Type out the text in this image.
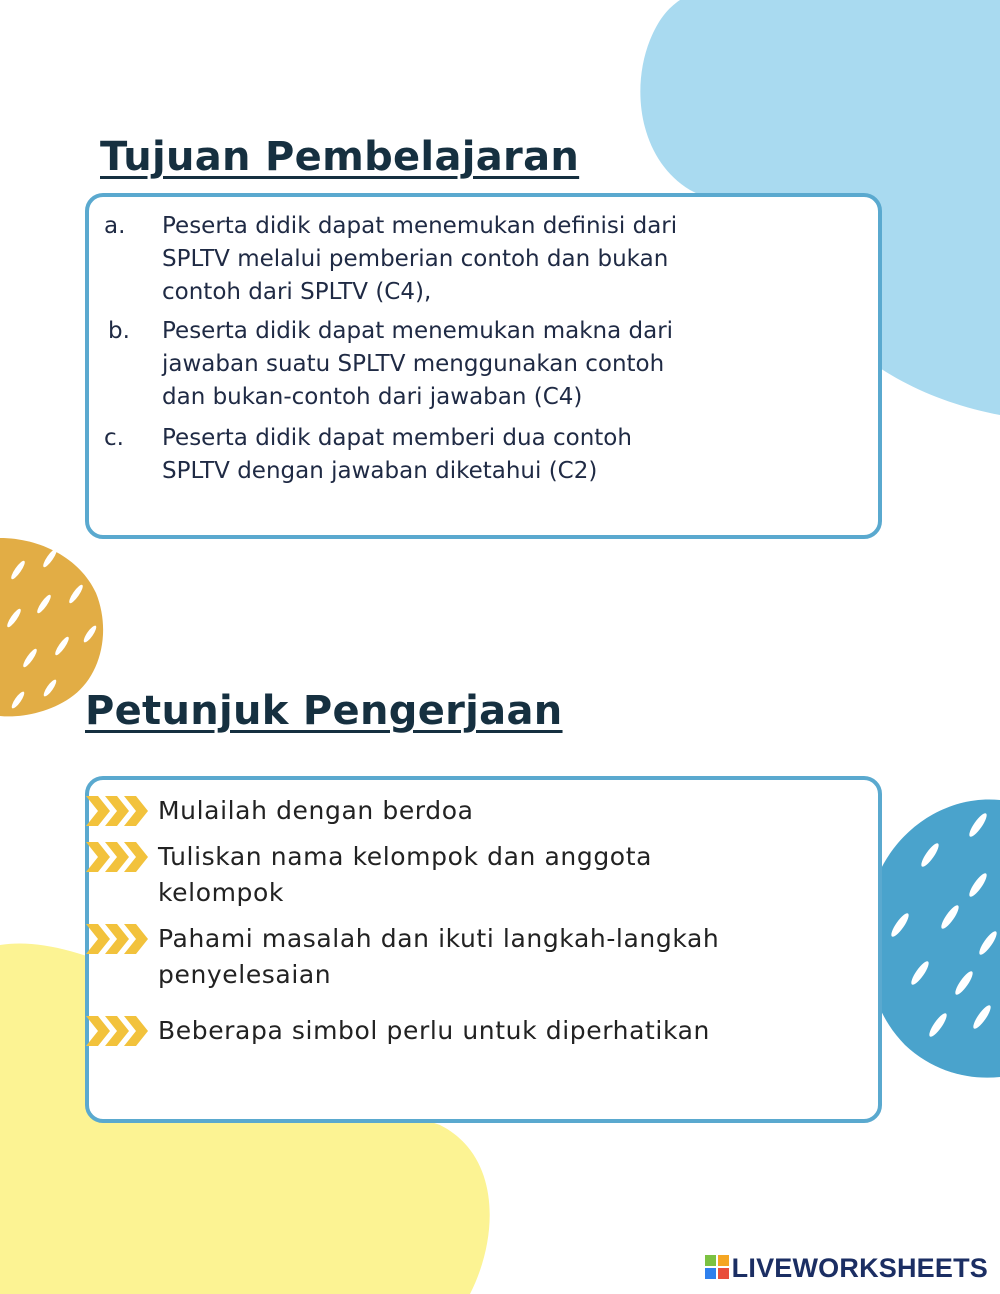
Tujuan Pembelajaran
a.	Peserta didik dapat menemukan definisi dari
SPLTV melalui pemberian contoh dan bukan
contoh dari SPLTV (C4),
b.	Peserta didik dapat menemukan makna dari
jawaban suatu SPLTV menggunakan contoh
dan bukan-contoh dari jawaban (C4)
c.	Peserta didik dapat memberi dua contoh
SPLTV dengan jawaban diketahui (C2)
Petunjuk Pengerjaan
Mulailah dengan berdoa
Tuliskan nama kelompok dan anggota
kelompok
Pahami masalah dan ikuti langkah-langkah
penyelesaian
Beberapa simbol perlu untuk diperhatikan
LIVEWORKSHEETS
